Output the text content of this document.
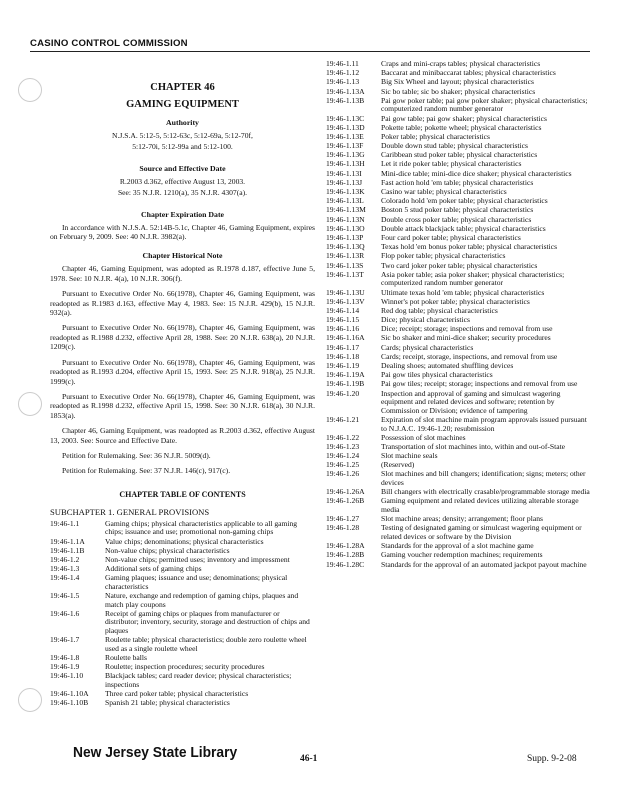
CASINO CONTROL COMMISSION
CHAPTER 46
GAMING EQUIPMENT
Authority
N.J.S.A. 5:12-5, 5:12-63c, 5:12-69a, 5:12-70f,
5:12-70i, 5:12-99a and 5:12-100.
Source and Effective Date
R.2003 d.362, effective August 13, 2003.
See: 35 N.J.R. 1210(a), 35 N.J.R. 4307(a).
Chapter Expiration Date

In accordance with N.J.S.A. 52:14B-5.1c, Chapter 46, Gaming Equipment, expires on February 9, 2009. See: 40 N.J.R. 3982(a).

Chapter Historical Note

Chapter 46, Gaming Equipment, was adopted as R.1978 d.187, effective June 5, 1978. See: 10 N.J.R. 4(a), 10 N.J.R. 306(f).

Pursuant to Executive Order No. 66(1978), Chapter 46, Gaming Equipment, was readopted as R.1983 d.163, effective May 4, 1983. See: 15 N.J.R. 429(b), 15 N.J.R. 932(a).

Pursuant to Executive Order No. 66(1978), Chapter 46, Gaming Equipment, was readopted as R.1988 d.232, effective April 28, 1988. See: 20 N.J.R. 638(a), 20 N.J.R. 1209(c).

Pursuant to Executive Order No. 66(1978), Chapter 46, Gaming Equipment, was readopted as R.1993 d.204, effective April 15, 1993. See: 25 N.J.R. 918(a), 25 N.J.R. 1999(c).

Pursuant to Executive Order No. 66(1978), Chapter 46, Gaming Equipment, was readopted as R.1998 d.232, effective April 15, 1998. See: 30 N.J.R. 618(a), 30 N.J.R. 1853(a).

Chapter 46, Gaming Equipment, was readopted as R.2003 d.362, effective August 13, 2003. See: Source and Effective Date.

Petition for Rulemaking. See: 36 N.J.R. 5009(d).

Petition for Rulemaking. See: 37 N.J.R. 146(c), 917(c).

CHAPTER TABLE OF CONTENTS
SUBCHAPTER 1. GENERAL PROVISIONS
19:46-1.1	Gaming chips; physical characteristics applicable to all gaming chips; issuance and use; promotional non-gaming chips
19:46-1.1A	Value chips; denominations; physical characteristics
19:46-1.1B	Non-value chips; physical characteristics
19:46-1.2	Non-value chips; permitted uses; inventory and impressment
19:46-1.3	Additional sets of gaming chips
19:46-1.4	Gaming plaques; issuance and use; denominations; physical characteristics
19:46-1.5	Nature, exchange and redemption of gaming chips, plaques and match play coupons
19:46-1.6	Receipt of gaming chips or plaques from manufacturer or distributor; inventory, security, storage and destruction of chips and plaques
19:46-1.7	Roulette table; physical characteristics; double zero roulette wheel used as a single roulette wheel
19:46-1.8	Roulette balls
19:46-1.9	Roulette; inspection procedures; security procedures
19:46-1.10	Blackjack tables; card reader device; physical characteristics; inspections
19:46-1.10A	Three card poker table; physical characteristics
19:46-1.10B	Spanish 21 table; physical characteristics
19:46-1.11	Craps and mini-craps tables; physical characteristics
19:46-1.12	Baccarat and minibaccarat tables; physical characteristics
19:46-1.13	Big Six Wheel and layout; physical characteristics
19:46-1.13A	Sic bo table; sic bo shaker; physical characteristics
19:46-1.13B	Pai gow poker table; pai gow poker shaker; physical characteristics; computerized random number generator
19:46-1.13C	Pai gow table; pai gow shaker; physical characteristics
19:46-1.13D	Pokette table; pokette wheel; physical characteristics
19:46-1.13E	Poker table; physical characteristics
19:46-1.13F	Double down stud table; physical characteristics
19:46-1.13G	Caribbean stud poker table; physical characteristics
19:46-1.13H	Let it ride poker table; physical characteristics
19:46-1.13I	Mini-dice table; mini-dice dice shaker; physical characteristics
19:46-1.13J	Fast action hold 'em table; physical characteristics
19:46-1.13K	Casino war table; physical characteristics
19:46-1.13L	Colorado hold 'em poker table; physical characteristics
19:46-1.13M	Boston 5 stud poker table; physical characteristics
19:46-1.13N	Double cross poker table; physical characteristics
19:46-1.13O	Double attack blackjack table; physical characteristics
19:46-1.13P	Four card poker table; physical characteristics
19:46-1.13Q	Texas hold 'em bonus poker table; physical characteristics
19:46-1.13R	Flop poker table; physical characteristics
19:46-1.13S	Two card joker poker table; physical characteristics
19:46-1.13T	Asia poker table; asia poker shaker; physical characteristics; computerized random number generator
19:46-1.13U	Ultimate texas hold 'em table; physical characteristics
19:46-1.13V	Winner's pot poker table; physical characteristics
19:46-1.14	Red dog table; physical characteristics
19:46-1.15	Dice; physical characteristics
19:46-1.16	Dice; receipt; storage; inspections and removal from use
19:46-1.16A	Sic bo shaker and mini-dice shaker; security procedures
19:46-1.17	Cards; physical characteristics
19:46-1.18	Cards; receipt, storage, inspections, and removal from use
19:46-1.19	Dealing shoes; automated shuffling devices
19:46-1.19A	Pai gow tiles physical characteristics
19:46-1.19B	Pai gow tiles; receipt; storage; inspections and removal from use
19:46-1.20	Inspection and approval of gaming and simulcast wagering equipment and related devices and software; retention by Commission or Division; evidence of tampering
19:46-1.21	Expiration of slot machine main program approvals issued pursuant to N.J.A.C. 19:46-1.20; resubmission
19:46-1.22	Possession of slot machines
19:46-1.23	Transportation of slot machines into, within and out-of-State
19:46-1.24	Slot machine seals
19:46-1.25	(Reserved)
19:46-1.26	Slot machines and bill changers; identification; signs; meters; other devices
19:46-1.26A	Bill changers with electrically crasable/programmable storage media
19:46-1.26B	Gaming equipment and related devices utilizing alterable storage media
19:46-1.27	Slot machine areas; density; arrangement; floor plans
19:46-1.28	Testing of designated gaming or simulcast wagering equipment or related devices or software by the Division
19:46-1.28A	Standards for the approval of a slot machine game
19:46-1.28B	Gaming voucher redemption machines; requirements
19:46-1.28C	Standards for the approval of an automated jackpot payout machine
New Jersey State Library	46-1	Supp. 9-2-08
